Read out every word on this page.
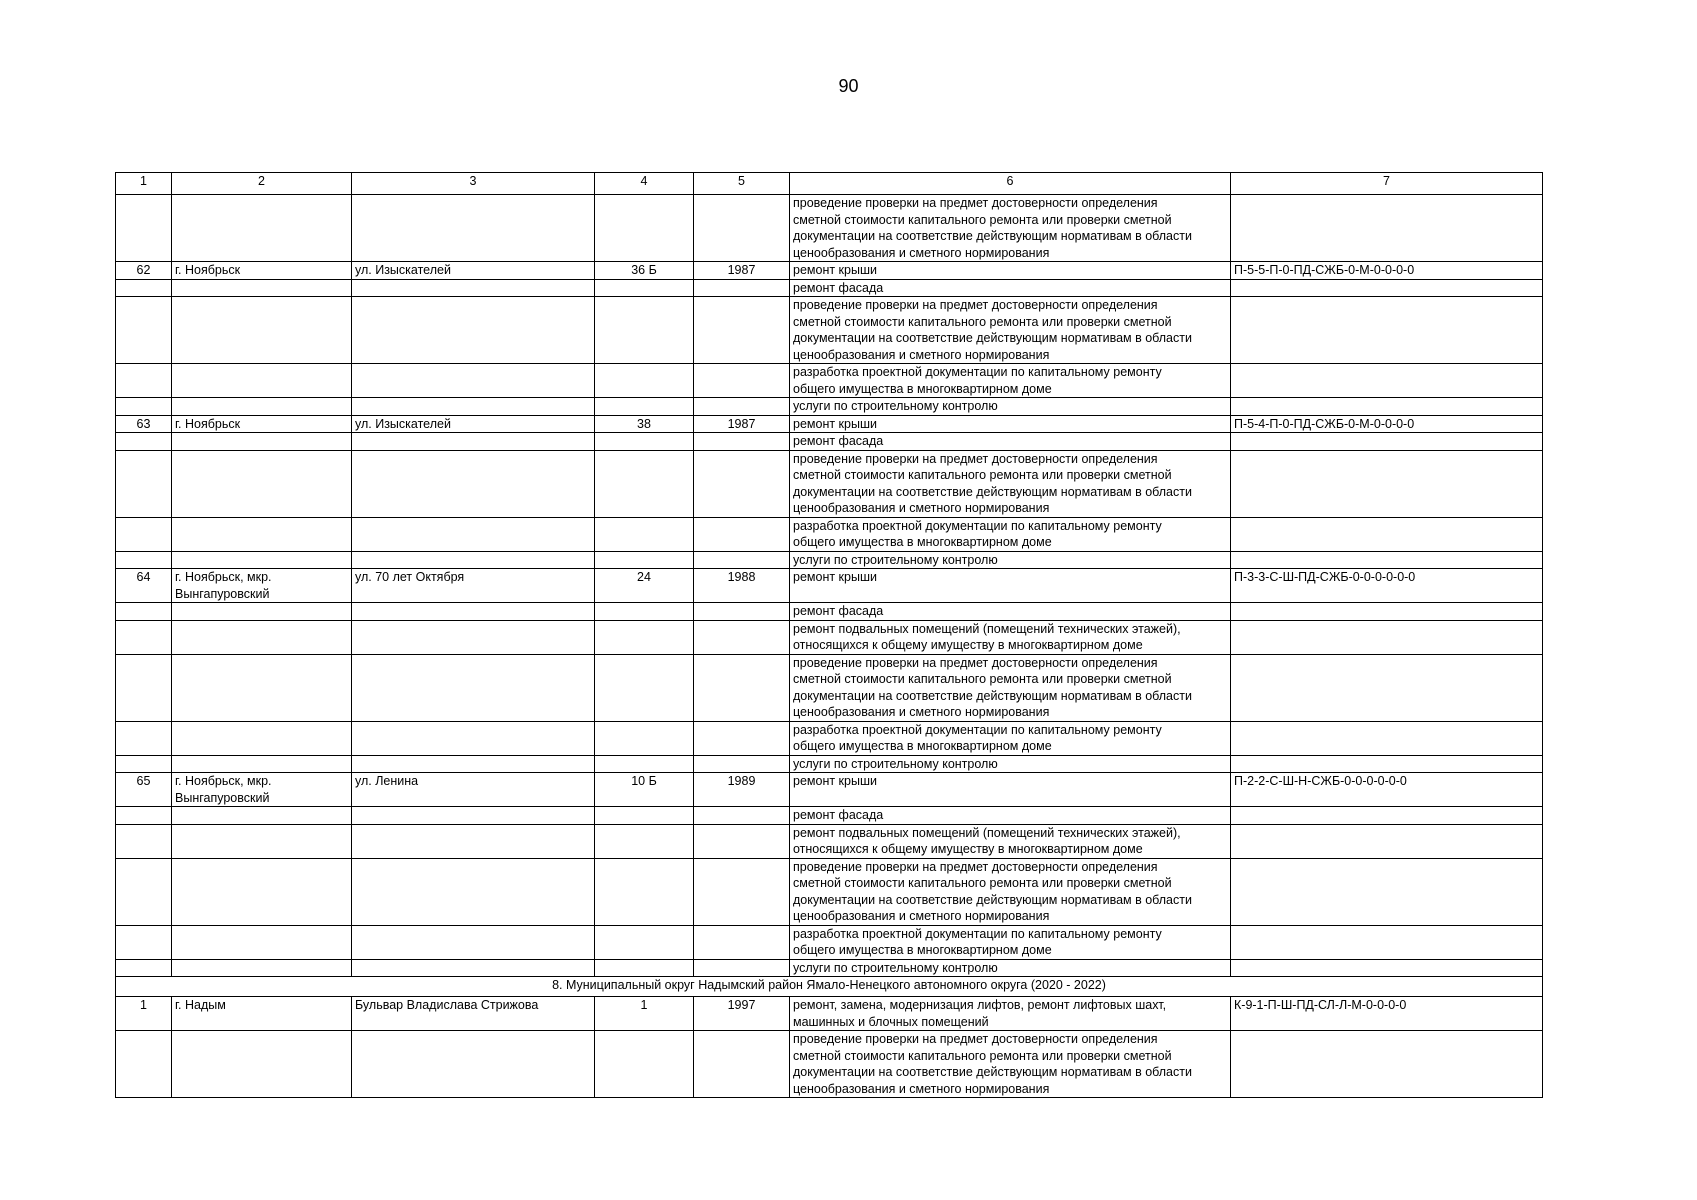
90
1	2	3	4	5	6	7
					проведение проверки на предмет достоверности определения
сметной стоимости капитального ремонта или проверки сметной
документации на соответствие действующим нормативам в области
ценообразования и сметного нормирования	
62	г. Ноябрьск	ул. Изыскателей	36 Б	1987	ремонт крыши	П-5-5-П-0-ПД-СЖБ-0-М-0-0-0-0
					ремонт фасада	
					проведение проверки на предмет достоверности определения
сметной стоимости капитального ремонта или проверки сметной
документации на соответствие действующим нормативам в области
ценообразования и сметного нормирования	
					разработка проектной документации по капитальному ремонту
общего имущества в многоквартирном доме	
					услуги по строительному контролю	
63	г. Ноябрьск	ул. Изыскателей	38	1987	ремонт крыши	П-5-4-П-0-ПД-СЖБ-0-М-0-0-0-0
					ремонт фасада	
					проведение проверки на предмет достоверности определения
сметной стоимости капитального ремонта или проверки сметной
документации на соответствие действующим нормативам в области
ценообразования и сметного нормирования	
					разработка проектной документации по капитальному ремонту
общего имущества в многоквартирном доме	
					услуги по строительному контролю	
64	г. Ноябрьск, мкр. Вынгапуровский	ул. 70 лет Октября	24	1988	ремонт крыши	П-3-3-С-Ш-ПД-СЖБ-0-0-0-0-0-0
					ремонт фасада	
					ремонт подвальных помещений (помещений технических этажей),
относящихся к общему имуществу в многоквартирном доме	
					проведение проверки на предмет достоверности определения
сметной стоимости капитального ремонта или проверки сметной
документации на соответствие действующим нормативам в области
ценообразования и сметного нормирования	
					разработка проектной документации по капитальному ремонту
общего имущества в многоквартирном доме	
					услуги по строительному контролю	
65	г. Ноябрьск, мкр. Вынгапуровский	ул. Ленина	10 Б	1989	ремонт крыши	П-2-2-С-Ш-Н-СЖБ-0-0-0-0-0-0
					ремонт фасада	
					ремонт подвальных помещений (помещений технических этажей),
относящихся к общему имуществу в многоквартирном доме	
					проведение проверки на предмет достоверности определения
сметной стоимости капитального ремонта или проверки сметной
документации на соответствие действующим нормативам в области
ценообразования и сметного нормирования	
					разработка проектной документации по капитальному ремонту
общего имущества в многоквартирном доме	
					услуги по строительному контролю	
8. Муниципальный округ Надымский район Ямало-Ненецкого автономного округа (2020 - 2022)						
1	г. Надым	Бульвар Владислава Стрижова	1	1997	ремонт, замена, модернизация лифтов, ремонт лифтовых шахт,
машинных и блочных помещений	К-9-1-П-Ш-ПД-СЛ-Л-М-0-0-0-0
					проведение проверки на предмет достоверности определения
сметной стоимости капитального ремонта или проверки сметной
документации на соответствие действующим нормативам в области
ценообразования и сметного нормирования	
